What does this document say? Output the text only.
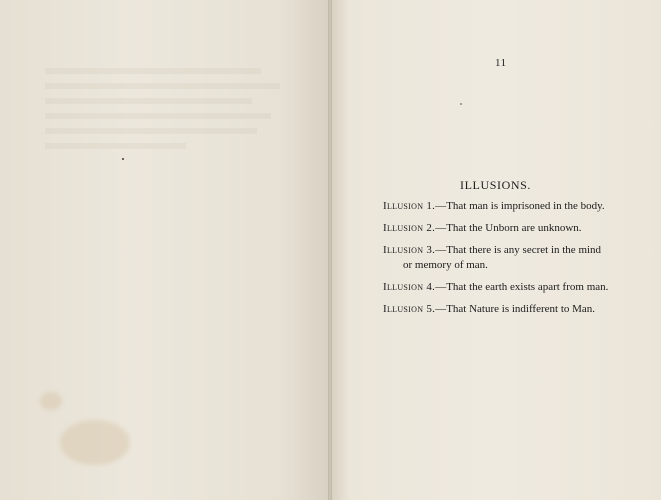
11
ILLUSIONS.
Illusion 1.—That man is imprisoned in the body.
Illusion 2.—That the Unborn are unknown.
Illusion 3.—That there is any secret in the mind
or memory of man.
Illusion 4.—That the earth exists apart from man.
Illusion 5.—That Nature is indifferent to Man.
